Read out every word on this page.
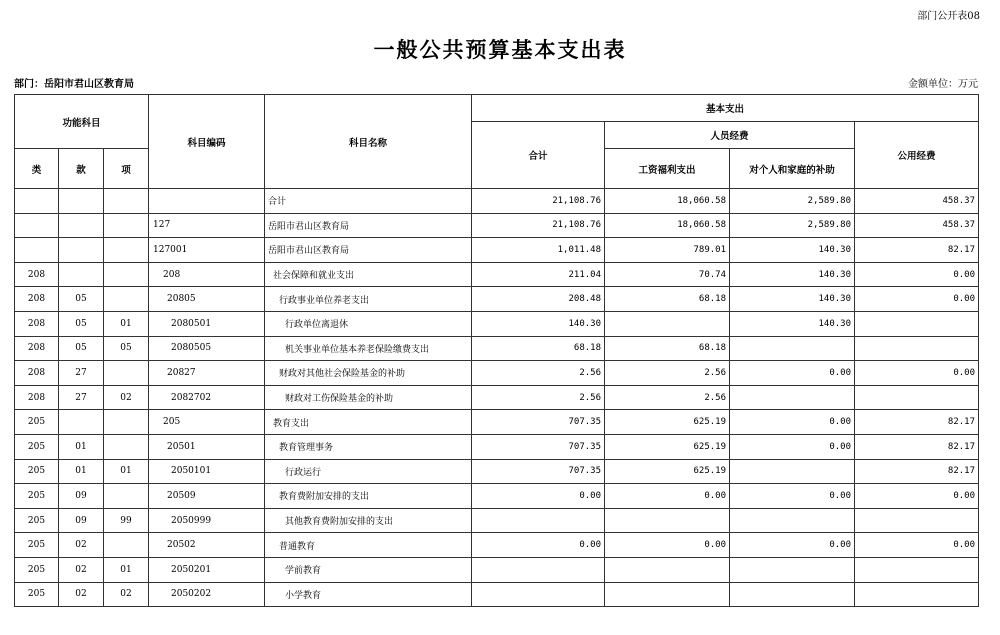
部门公开表08
一般公共预算基本支出表
部门：岳阳市君山区教育局	金额单位：万元
功能科目			科目编码	科目名称	基本支出			
					合计	人员经费		公用经费
类	款	项				工资福利支出	对个人和家庭的补助	
				合计	21,108.76	18,060.58	2,589.80	458.37
			127	岳阳市君山区教育局	21,108.76	18,060.58	2,589.80	458.37
			127001	岳阳市君山区教育局	1,011.48	789.01	140.30	82.17
208			208	社会保障和就业支出	211.04	70.74	140.30	0.00
208	05		20805	行政事业单位养老支出	208.48	68.18	140.30	0.00
208	05	01	2080501	行政单位离退休	140.30		140.30	
208	05	05	2080505	机关事业单位基本养老保险缴费支出	68.18	68.18		
208	27		20827	财政对其他社会保险基金的补助	2.56	2.56	0.00	0.00
208	27	02	2082702	财政对工伤保险基金的补助	2.56	2.56		
205			205	教育支出	707.35	625.19	0.00	82.17
205	01		20501	教育管理事务	707.35	625.19	0.00	82.17
205	01	01	2050101	行政运行	707.35	625.19		82.17
205	09		20509	教育费附加安排的支出	0.00	0.00	0.00	0.00
205	09	99	2050999	其他教育费附加安排的支出				
205	02		20502	普通教育	0.00	0.00	0.00	0.00
205	02	01	2050201	学前教育				
205	02	02	2050202	小学教育				
